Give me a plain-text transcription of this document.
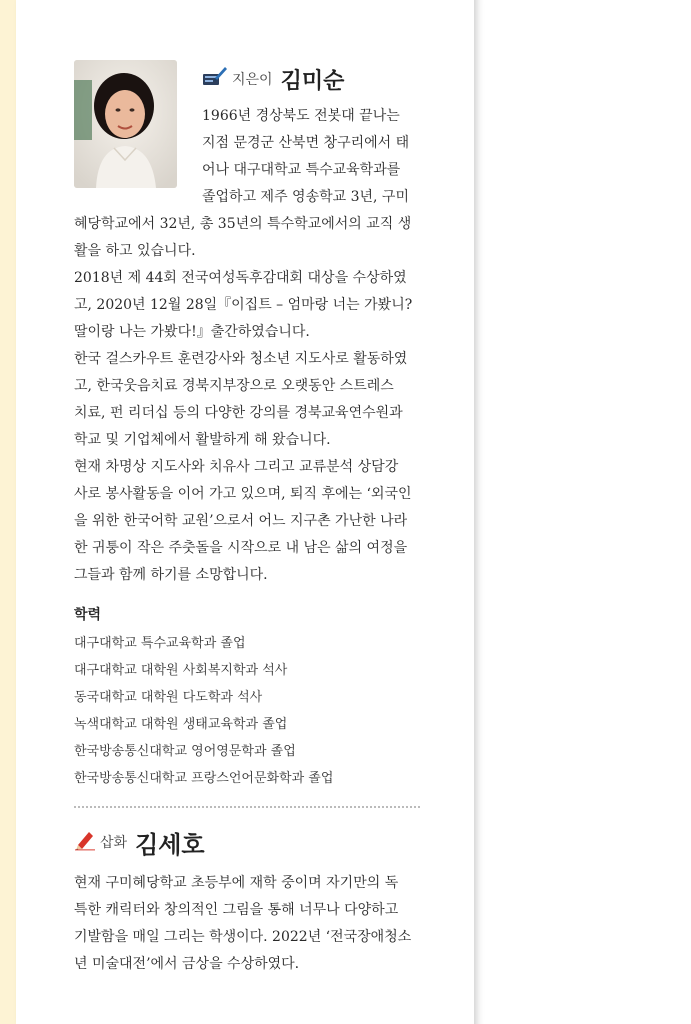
지은이 김미순
1966년 경상북도 전봇대 끝나는
지점 문경군 산북면 창구리에서 태
어나 대구대학교 특수교육학과를
졸업하고 제주 영송학교 3년, 구미
혜당학교에서 32년, 총 35년의 특수학교에서의 교직 생
활을 하고 있습니다.
2018년 제 44회 전국여성독후감대회 대상을 수상하였
고, 2020년 12월 28일『이집트 – 엄마랑 너는 가봤니?
딸이랑 나는 가봤다!』출간하였습니다.
한국 걸스카우트 훈련강사와 청소년 지도사로 활동하였
고, 한국웃음치료 경북지부장으로 오랫동안 스트레스
치료, 펀 리더십 등의 다양한 강의를 경북교육연수원과
학교 및 기업체에서 활발하게 해 왔습니다.
현재 차명상 지도사와 치유사 그리고 교류분석 상담강
사로 봉사활동을 이어 가고 있으며, 퇴직 후에는 ‘외국인
을 위한 한국어학 교원’으로서 어느 지구촌 가난한 나라
한 귀퉁이 작은 주춧돌을 시작으로 내 남은 삶의 여정을
그들과 함께 하기를 소망합니다.
학력
대구대학교 특수교육학과 졸업
대구대학교 대학원 사회복지학과 석사
동국대학교 대학원 다도학과 석사
녹색대학교 대학원 생태교육학과 졸업
한국방송통신대학교 영어영문학과 졸업
한국방송통신대학교 프랑스언어문화학과 졸업
삽화 김세호
현재 구미혜당학교 초등부에 재학 중이며 자기만의 독
특한 캐릭터와 창의적인 그림을 통해 너무나 다양하고
기발함을 매일 그리는 학생이다. 2022년 ‘전국장애청소
년 미술대전’에서 금상을 수상하였다.
